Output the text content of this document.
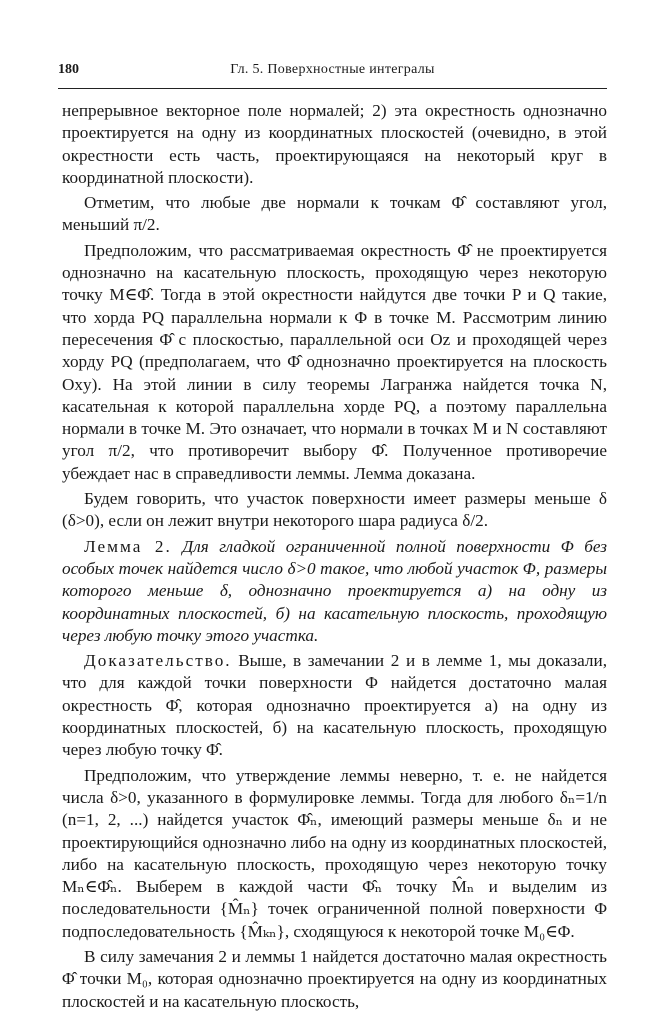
180	Гл. 5. Поверхностные интегралы

непрерывное векторное поле нормалей; 2) эта окрестность однозначно проектируется на одну из координатных плоскостей (очевидно, в этой окрестности есть часть, проектирующаяся на некоторый круг в координатной плоскости).

Отметим, что любые две нормали к точкам Φ̂ составляют угол, меньший π/2.

Предположим, что рассматриваемая окрестность Φ̂ не проектируется однозначно на касательную плоскость, проходящую через некоторую точку M∈Φ̂. Тогда в этой окрестности найдутся две точки P и Q такие, что хорда PQ параллельна нормали к Φ в точке M. Рассмотрим линию пересечения Φ̂ с плоскостью, параллельной оси Oz и проходящей через хорду PQ (предполагаем, что Φ̂ однозначно проектируется на плоскость Oxy). На этой линии в силу теоремы Лагранжа найдется точка N, касательная к которой параллельна хорде PQ, а поэтому параллельна нормали в точке M. Это означает, что нормали в точках M и N составляют угол π/2, что противоречит выбору Φ̂. Полученное противоречие убеждает нас в справедливости леммы. Лемма доказана.

Будем говорить, что участок поверхности имеет размеры меньше δ (δ>0), если он лежит внутри некоторого шара радиуса δ/2.

Лемма 2. Для гладкой ограниченной полной поверхности Φ без особых точек найдется число δ>0 такое, что любой участок Φ, размеры которого меньше δ, однозначно проектируется а) на одну из координатных плоскостей, б) на касательную плоскость, проходящую через любую точку этого участка.

Доказательство. Выше, в замечании 2 и в лемме 1, мы доказали, что для каждой точки поверхности Φ найдется достаточно малая окрестность Φ̂, которая однозначно проектируется а) на одну из координатных плоскостей, б) на касательную плоскость, проходящую через любую точку Φ̂.

Предположим, что утверждение леммы неверно, т. е. не найдется числа δ>0, указанного в формулировке леммы. Тогда для любого δₙ=1/n (n=1, 2, ...) найдется участок Φ̂ₙ, имеющий размеры меньше δₙ и не проектирующийся однозначно либо на одну из координатных плоскостей, либо на касательную плоскость, проходящую через некоторую точку Mₙ∈Φ̂ₙ. Выберем в каждой части Φ̂ₙ точку M̂ₙ и выделим из последовательности {M̂ₙ} точек ограниченной полной поверхности Φ подпоследовательность {M̂ₖₙ}, сходящуюся к некоторой точке M₀∈Φ.

В силу замечания 2 и леммы 1 найдется достаточно малая окрестность Φ̂ точки M₀, которая однозначно проектируется на одну из координатных плоскостей и на касательную плоскость,
